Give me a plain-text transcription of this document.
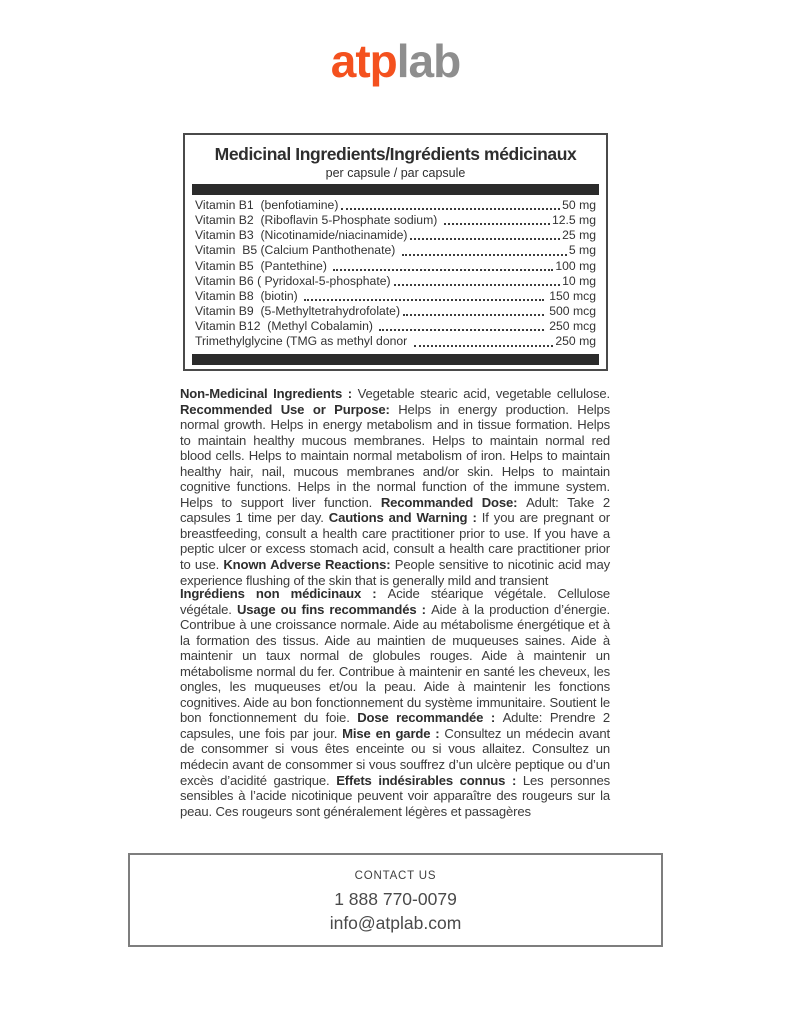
atplab
Medicinal Ingredients/Ingrédients médicinaux
per capsule / par capsule
Vitamin B1  (benfotiamine)	50 mg
Vitamin B2  (Riboflavin 5-Phosphate sodium)	12.5 mg
Vitamin B3  (Nicotinamide/niacinamide)	25 mg
Vitamin  B5 (Calcium Panthothenate)	5 mg
Vitamin B5  (Pantethine)	100 mg
Vitamin B6 ( Pyridoxal-5-phosphate)	10 mg
Vitamin B8  (biotin)	150 mcg
Vitamin B9  (5-Methyltetrahydrofolate)	500 mcg
Vitamin B12  (Methyl Cobalamin)	250 mcg
Trimethylglycine (TMG as methyl donor	250 mg
Non-Medicinal Ingredients : Vegetable stearic acid, vegetable cellulose. Recommended Use or Purpose: Helps in energy production. Helps normal growth. Helps in energy metabolism and in tissue formation. Helps to maintain healthy mucous membranes. Helps to maintain normal red blood cells. Helps to maintain normal metabolism of iron. Helps to maintain healthy hair, nail, mucous membranes and/or skin. Helps to maintain cognitive functions. Helps in the normal function of the immune system. Helps to support liver function. Recommanded Dose: Adult: Take 2 capsules 1 time per day. Cautions and Warning : If you are pregnant or breastfeeding, consult a health care practitioner prior to use. If you have a peptic ulcer or excess stomach acid, consult a health care practitioner prior to use. Known Adverse Reactions: People sensitive to nicotinic acid may experience flushing of the skin that is generally mild and transient
Ingrédiens non médicinaux : Acide stéarique végétale. Cellulose végétale. Usage ou fins recommandés : Aide à la production d’énergie. Contribue à une croissance normale. Aide au métabolisme énergétique et à la formation des tissus. Aide au maintien de muqueuses saines. Aide à maintenir un taux normal de globules rouges. Aide à maintenir un métabolisme normal du fer. Contribue à maintenir en santé les cheveux, les ongles, les muqueuses et/ou la peau. Aide à maintenir les fonctions cognitives. Aide au bon fonctionnement du système immunitaire. Soutient le bon fonctionnement du foie. Dose recommandée : Adulte: Prendre 2 capsules, une fois par jour. Mise en garde : Consultez un médecin avant de consommer si vous êtes enceinte ou si vous allaitez. Consultez un médecin avant de consommer si vous souffrez d’un ulcère peptique ou d’un excès d’acidité gastrique. Effets indésirables connus : Les personnes sensibles à l’acide nicotinique peuvent voir apparaître des rougeurs sur la peau. Ces rougeurs sont généralement légères et passagères
CONTACT US
1 888 770-0079
info@atplab.com
